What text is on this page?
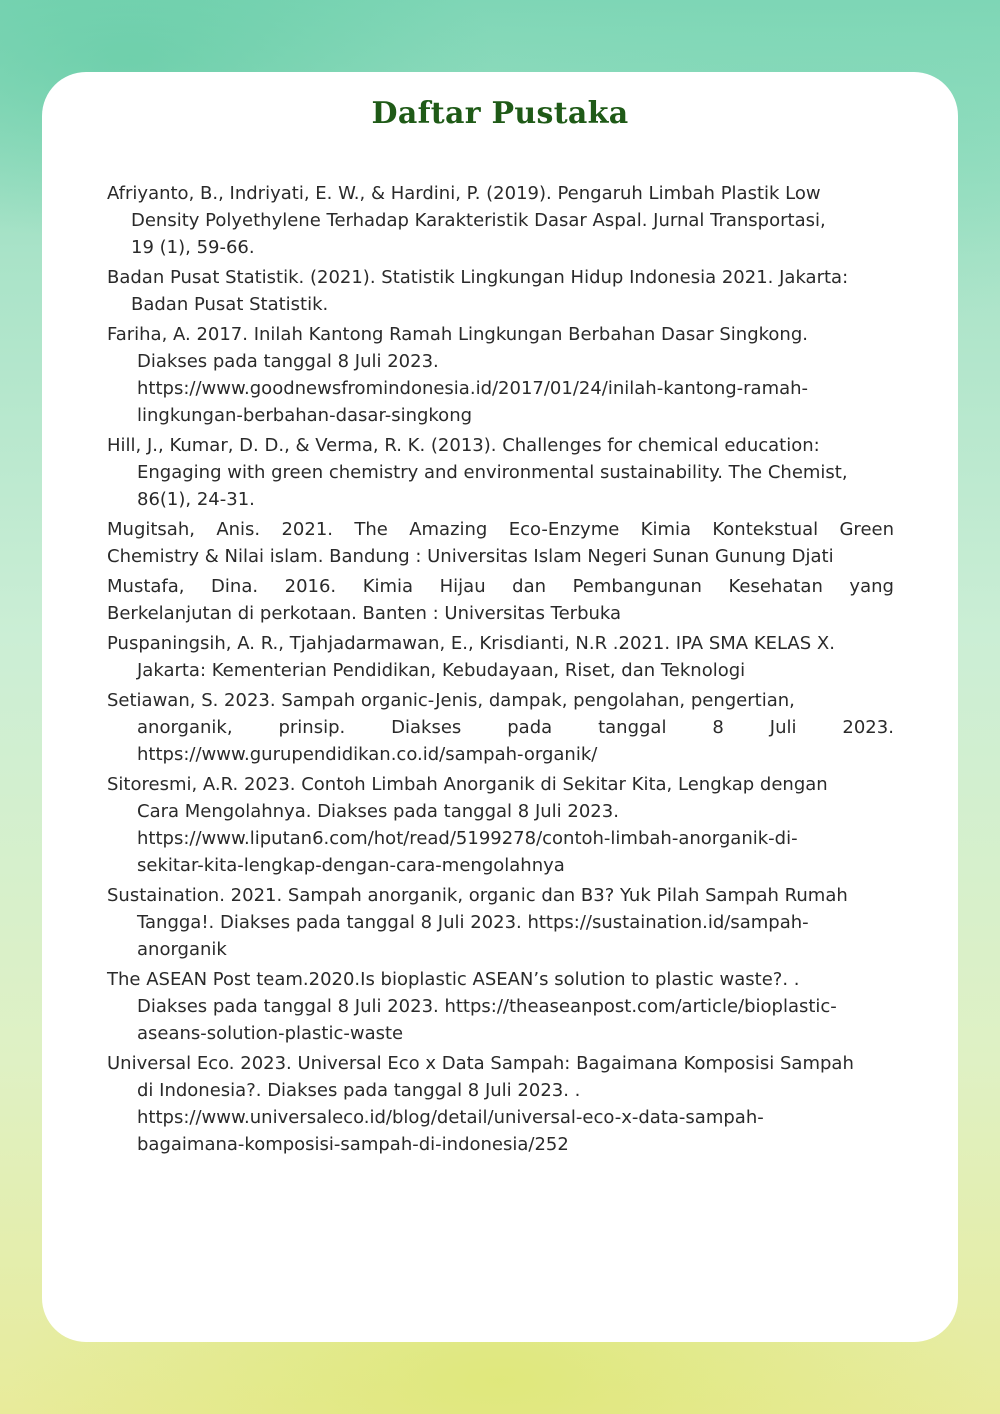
Daftar Pustaka

Afriyanto, B., Indriyati, E. W., & Hardini, P. (2019). Pengaruh Limbah Plastik Low
Density Polyethylene Terhadap Karakteristik Dasar Aspal. Jurnal Transportasi,
19 (1), 59-66.

Badan Pusat Statistik. (2021). Statistik Lingkungan Hidup Indonesia 2021. Jakarta:
Badan Pusat Statistik.

Fariha, A. 2017. Inilah Kantong Ramah Lingkungan Berbahan Dasar Singkong.
Diakses pada tanggal 8 Juli 2023.
https://www.goodnewsfromindonesia.id/2017/01/24/inilah-kantong-ramah-
lingkungan-berbahan-dasar-singkong

Hill, J., Kumar, D. D., & Verma, R. K. (2013). Challenges for chemical education:
Engaging with green chemistry and environmental sustainability. The Chemist,
86(1), 24-31.

Mugitsah, Anis. 2021. The Amazing Eco-Enzyme Kimia Kontekstual Green
Chemistry & Nilai islam. Bandung : Universitas Islam Negeri Sunan Gunung Djati

Mustafa, Dina. 2016. Kimia Hijau dan Pembangunan Kesehatan yang
Berkelanjutan di perkotaan. Banten : Universitas Terbuka

Puspaningsih, A. R., Tjahjadarmawan, E., Krisdianti, N.R .2021. IPA SMA KELAS X.
Jakarta: Kementerian Pendidikan, Kebudayaan, Riset, dan Teknologi

Setiawan, S. 2023. Sampah organic-Jenis, dampak, pengolahan, pengertian,
anorganik,	prinsip.	Diakses	pada	tanggal	8	Juli	2023.
https://www.gurupendidikan.co.id/sampah-organik/

Sitoresmi, A.R. 2023. Contoh Limbah Anorganik di Sekitar Kita, Lengkap dengan
Cara Mengolahnya. Diakses pada tanggal 8 Juli 2023.
https://www.liputan6.com/hot/read/5199278/contoh-limbah-anorganik-di-
sekitar-kita-lengkap-dengan-cara-mengolahnya

Sustaination. 2021. Sampah anorganik, organic dan B3? Yuk Pilah Sampah Rumah
Tangga!. Diakses pada tanggal 8 Juli 2023. https://sustaination.id/sampah-
anorganik

The ASEAN Post team.2020.Is bioplastic ASEAN’s solution to plastic waste?. .
Diakses pada tanggal 8 Juli 2023. https://theaseanpost.com/article/bioplastic-
aseans-solution-plastic-waste

Universal Eco. 2023. Universal Eco x Data Sampah: Bagaimana Komposisi Sampah
di Indonesia?. Diakses pada tanggal 8 Juli 2023. .
https://www.universaleco.id/blog/detail/universal-eco-x-data-sampah-
bagaimana-komposisi-sampah-di-indonesia/252
